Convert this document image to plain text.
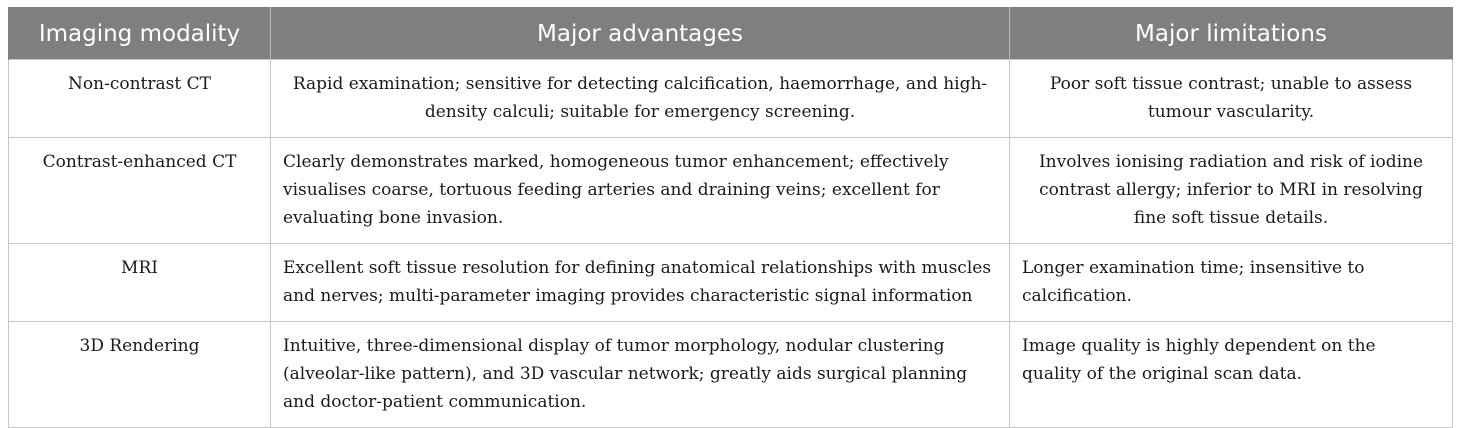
Imaging modality	Major advantages	Major limitations
Non-contrast CT	Rapid examination; sensitive for detecting calcification, haemorrhage, and high-density calculi; suitable for emergency screening.	Poor soft tissue contrast; unable to assess tumour vascularity.
Contrast-enhanced CT	Clearly demonstrates marked, homogeneous tumor enhancement; effectively visualises coarse, tortuous feeding arteries and draining veins; excellent for evaluating bone invasion.	Involves ionising radiation and risk of iodine contrast allergy; inferior to MRI in resolving fine soft tissue details.
MRI	Excellent soft tissue resolution for defining anatomical relationships with muscles and nerves; multi-parameter imaging provides characteristic signal information	Longer examination time; insensitive to calcification.
3D Rendering	Intuitive, three-dimensional display of tumor morphology, nodular clustering (alveolar-like pattern), and 3D vascular network; greatly aids surgical planning and doctor-patient communication.	Image quality is highly dependent on the quality of the original scan data.
